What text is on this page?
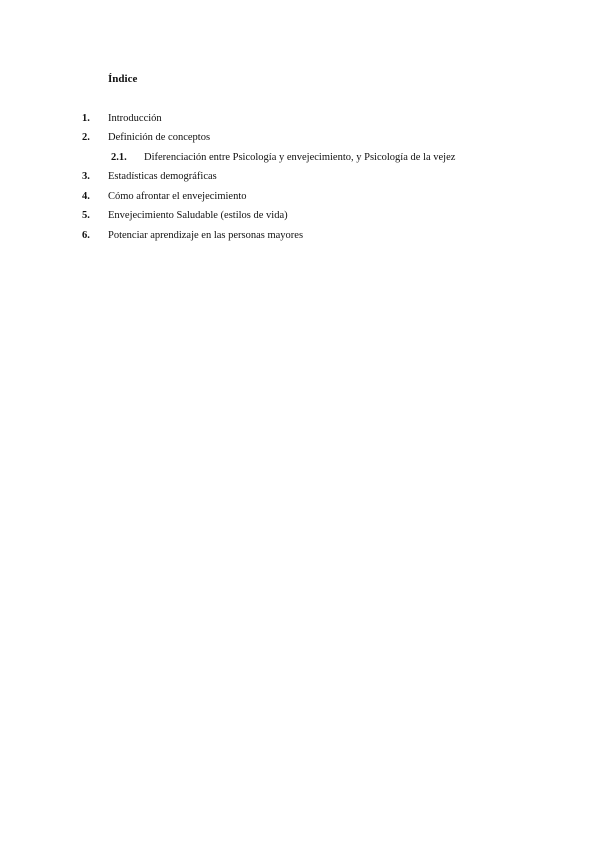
Índice
1. Introducción
2. Definición de conceptos
2.1. Diferenciación entre Psicología y envejecimiento, y Psicología de la vejez
3. Estadísticas demográficas
4. Cómo afrontar el envejecimiento
5. Envejecimiento Saludable (estilos de vida)
6. Potenciar aprendizaje en las personas mayores
